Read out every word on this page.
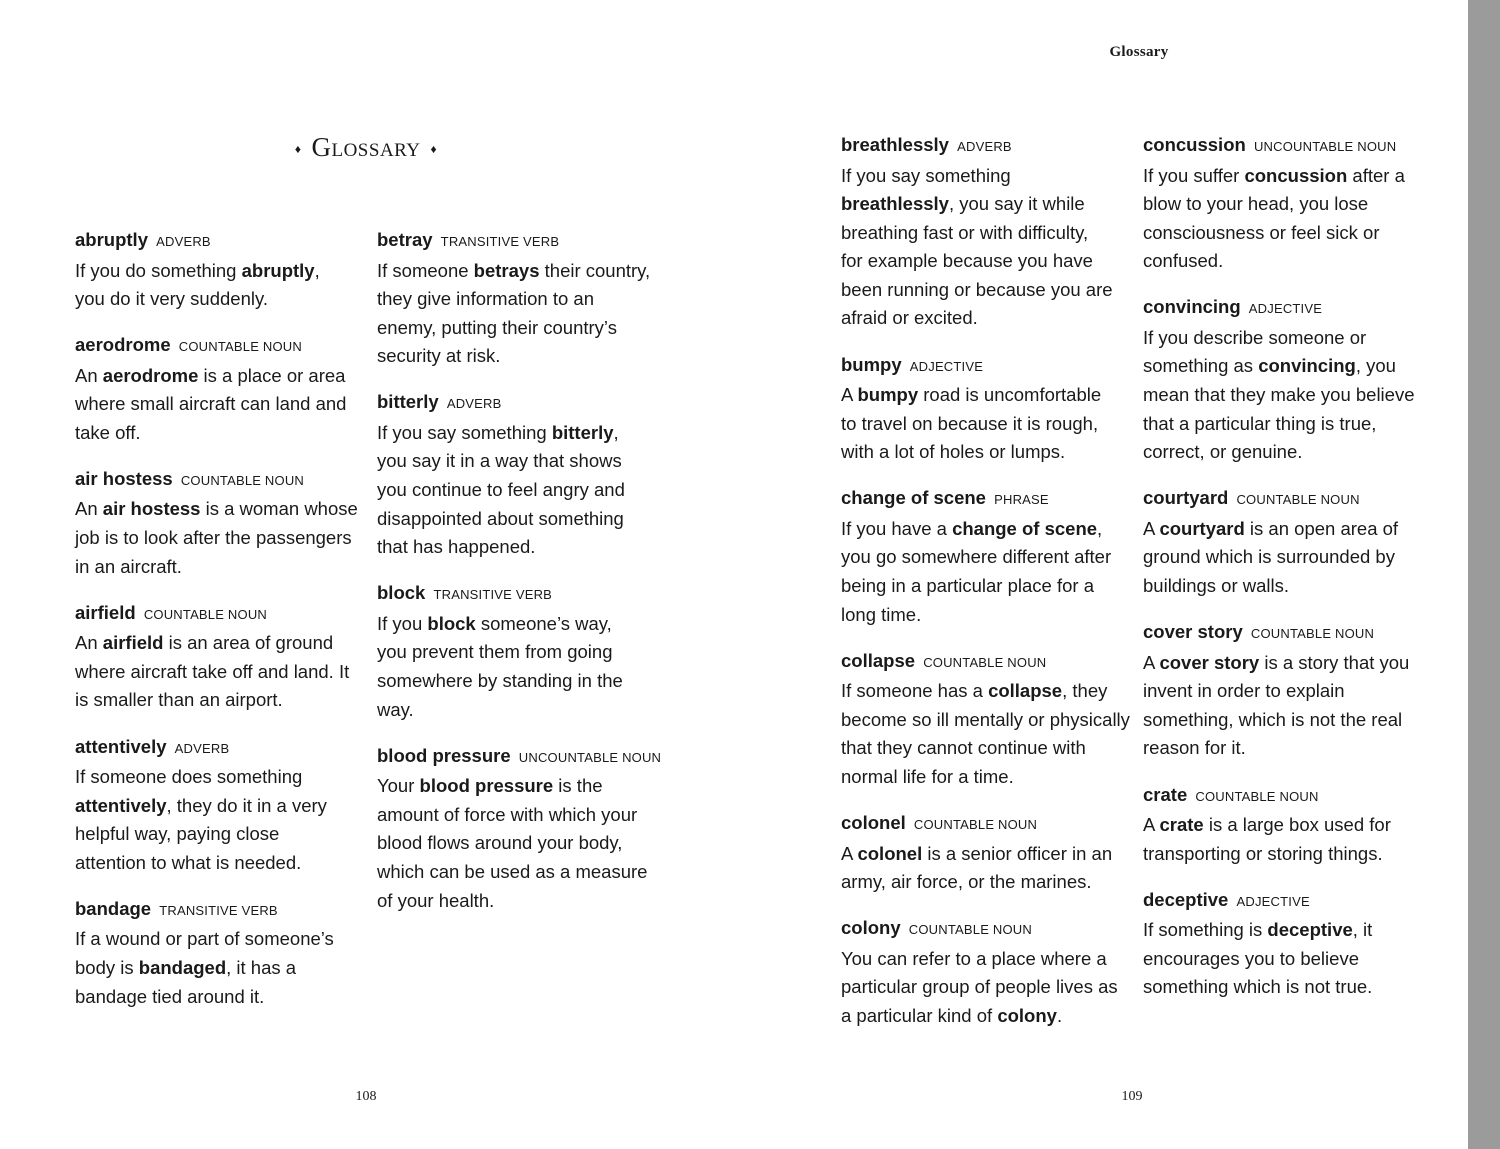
♦ Glossary ♦
abruptly ADVERB

If you do something abruptly,

you do it very suddenly.

aerodrome COUNTABLE NOUN

An aerodrome is a place or area

where small aircraft can land and

take off.

air hostess COUNTABLE NOUN

An air hostess is a woman whose

job is to look after the passengers

in an aircraft.

airfield COUNTABLE NOUN

An airfield is an area of ground

where aircraft take off and land. It

is smaller than an airport.

attentively ADVERB

If someone does something

attentively, they do it in a very

helpful way, paying close

attention to what is needed.

bandage TRANSITIVE VERB

If a wound or part of someone’s

body is bandaged, it has a

bandage tied around it.

betray TRANSITIVE VERB

If someone betrays their country,

they give information to an

enemy, putting their country’s

security at risk.

bitterly ADVERB

If you say something bitterly,

you say it in a way that shows

you continue to feel angry and

disappointed about something

that has happened.

block TRANSITIVE VERB

If you block someone’s way,

you prevent them from going

somewhere by standing in the

way.

blood pressure UNCOUNTABLE NOUN

Your blood pressure is the

amount of force with which your

blood flows around your body,

which can be used as a measure

of your health.

108
Glossary
breathlessly ADVERB

If you say something

breathlessly, you say it while

breathing fast or with difficulty,

for example because you have

been running or because you are

afraid or excited.

bumpy ADJECTIVE

A bumpy road is uncomfortable

to travel on because it is rough,

with a lot of holes or lumps.

change of scene PHRASE

If you have a change of scene,

you go somewhere different after

being in a particular place for a

long time.

collapse COUNTABLE NOUN

If someone has a collapse, they

become so ill mentally or physically

that they cannot continue with

normal life for a time.

colonel COUNTABLE NOUN

A colonel is a senior officer in an

army, air force, or the marines.

colony COUNTABLE NOUN

You can refer to a place where a

particular group of people lives as

a particular kind of colony.

concussion UNCOUNTABLE NOUN

If you suffer concussion after a

blow to your head, you lose

consciousness or feel sick or

confused.

convincing ADJECTIVE

If you describe someone or

something as convincing, you

mean that they make you believe

that a particular thing is true,

correct, or genuine.

courtyard COUNTABLE NOUN

A courtyard is an open area of

ground which is surrounded by

buildings or walls.

cover story COUNTABLE NOUN

A cover story is a story that you

invent in order to explain

something, which is not the real

reason for it.

crate COUNTABLE NOUN

A crate is a large box used for

transporting or storing things.

deceptive ADJECTIVE

If something is deceptive, it

encourages you to believe

something which is not true.

109
